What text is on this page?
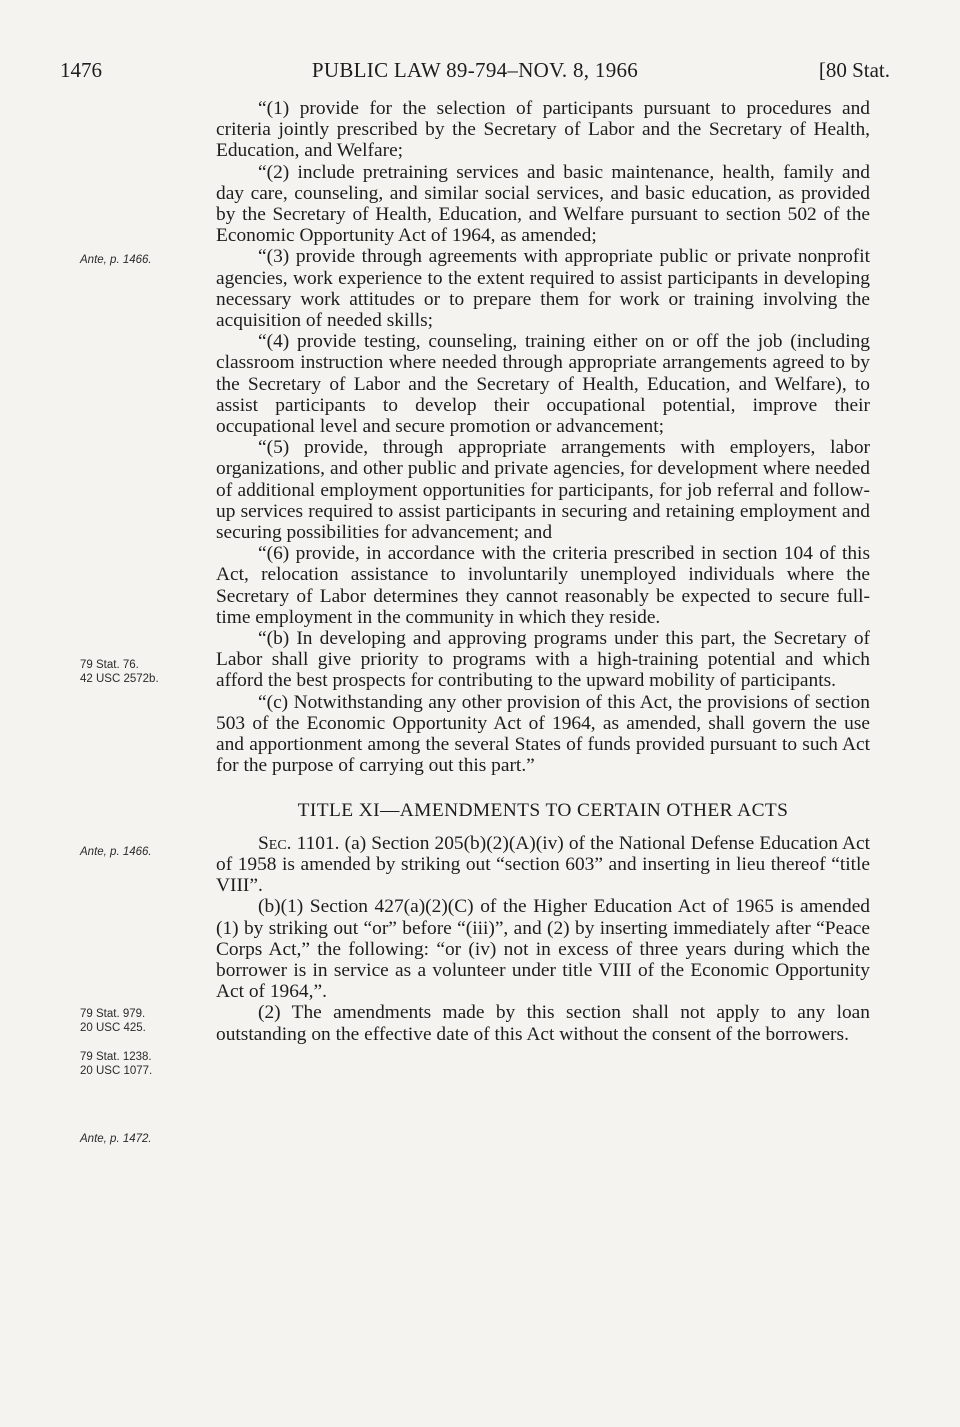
1476	PUBLIC LAW 89-794–NOV. 8, 1966	[80 Stat.
Ante, p. 1466.
79 Stat. 76.
42 USC 2572b.
Ante, p. 1466.
79 Stat. 979.
20 USC 425.
79 Stat. 1238.
20 USC 1077.
Ante, p. 1472.

“(1) provide for the selection of participants pursuant to procedures and criteria jointly prescribed by the Secretary of Labor and the Secretary of Health, Education, and Welfare;

“(2) include pretraining services and basic maintenance, health, family and day care, counseling, and similar social services, and basic education, as provided by the Secretary of Health, Education, and Welfare pursuant to section 502 of the Economic Opportunity Act of 1964, as amended;

“(3) provide through agreements with appropriate public or private nonprofit agencies, work experience to the extent required to assist participants in developing necessary work attitudes or to prepare them for work or training involving the acquisition of needed skills;

“(4) provide testing, counseling, training either on or off the job (including classroom instruction where needed through appropriate arrangements agreed to by the Secretary of Labor and the Secretary of Health, Education, and Welfare), to assist participants to develop their occupational potential, improve their occupational level and secure promotion or advancement;

“(5) provide, through appropriate arrangements with employers, labor organizations, and other public and private agencies, for development where needed of additional employment opportunities for participants, for job referral and follow-up services required to assist participants in securing and retaining employment and securing possibilities for advancement; and

“(6) provide, in accordance with the criteria prescribed in section 104 of this Act, relocation assistance to involuntarily unemployed individuals where the Secretary of Labor determines they cannot reasonably be expected to secure full-time employment in the community in which they reside.

“(b) In developing and approving programs under this part, the Secretary of Labor shall give priority to programs with a high-training potential and which afford the best prospects for contributing to the upward mobility of participants.

“(c) Notwithstanding any other provision of this Act, the provisions of section 503 of the Economic Opportunity Act of 1964, as amended, shall govern the use and apportionment among the several States of funds provided pursuant to such Act for the purpose of carrying out this part.”

TITLE XI—AMENDMENTS TO CERTAIN OTHER ACTS

Sec. 1101. (a) Section 205(b)(2)(A)(iv) of the National Defense Education Act of 1958 is amended by striking out “section 603” and inserting in lieu thereof “title VIII”.

(b)(1) Section 427(a)(2)(C) of the Higher Education Act of 1965 is amended (1) by striking out “or” before “(iii)”, and (2) by inserting immediately after “Peace Corps Act,” the following: “or (iv) not in excess of three years during which the borrower is in service as a volunteer under title VIII of the Economic Opportunity Act of 1964,”.

(2) The amendments made by this section shall not apply to any loan outstanding on the effective date of this Act without the consent of the borrowers.
